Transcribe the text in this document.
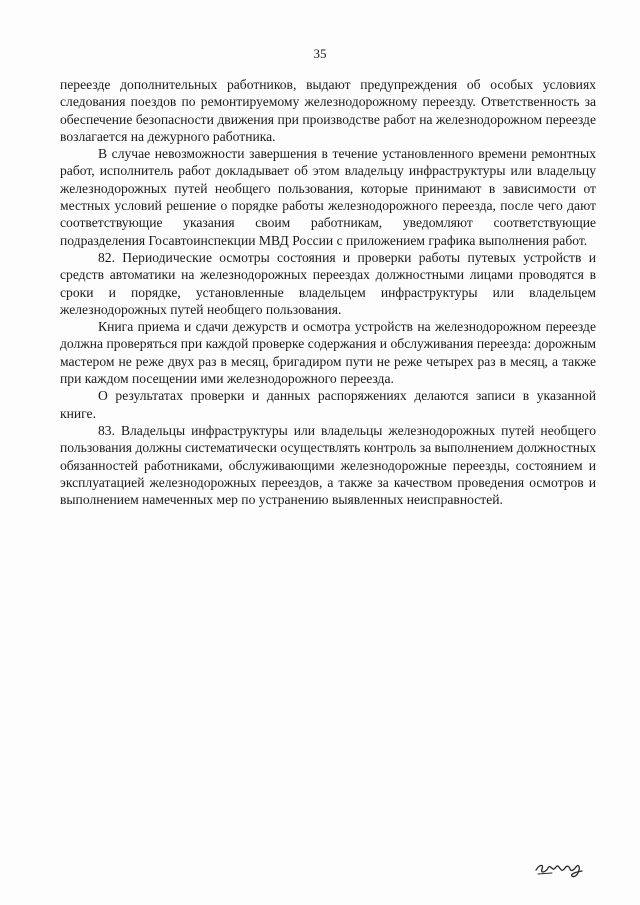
35

переезде дополнительных работников, выдают предупреждения об особых условиях следования поездов по ремонтируемому железнодорожному переезду. Ответственность за обеспечение безопасности движения при производстве работ на железнодорожном переезде возлагается на дежурного работника.

В случае невозможности завершения в течение установленного времени ремонтных работ, исполнитель работ докладывает об этом владельцу инфраструктуры или владельцу железнодорожных путей необщего пользования, которые принимают в зависимости от местных условий решение о порядке работы железнодорожного переезда, после чего дают соответствующие указания своим работникам, уведомляют соответствующие подразделения Госавтоинспекции МВД России с приложением графика выполнения работ.

82. Периодические осмотры состояния и проверки работы путевых устройств и средств автоматики на железнодорожных переездах должностными лицами проводятся в сроки и порядке, установленные владельцем инфраструктуры или владельцем железнодорожных путей необщего пользования.

Книга приема и сдачи дежурств и осмотра устройств на железнодорожном переезде должна проверяться при каждой проверке содержания и обслуживания переезда: дорожным мастером не реже двух раз в месяц, бригадиром пути не реже четырех раз в месяц, а также при каждом посещении ими железнодорожного переезда.

О результатах проверки и данных распоряжениях делаются записи в указанной книге.

83. Владельцы инфраструктуры или владельцы железнодорожных путей необщего пользования должны систематически осуществлять контроль за выполнением должностных обязанностей работниками, обслуживающими железнодорожные переезды, состоянием и эксплуатацией железнодорожных переездов, а также за качеством проведения осмотров и выполнением намеченных мер по устранению выявленных неисправностей.
